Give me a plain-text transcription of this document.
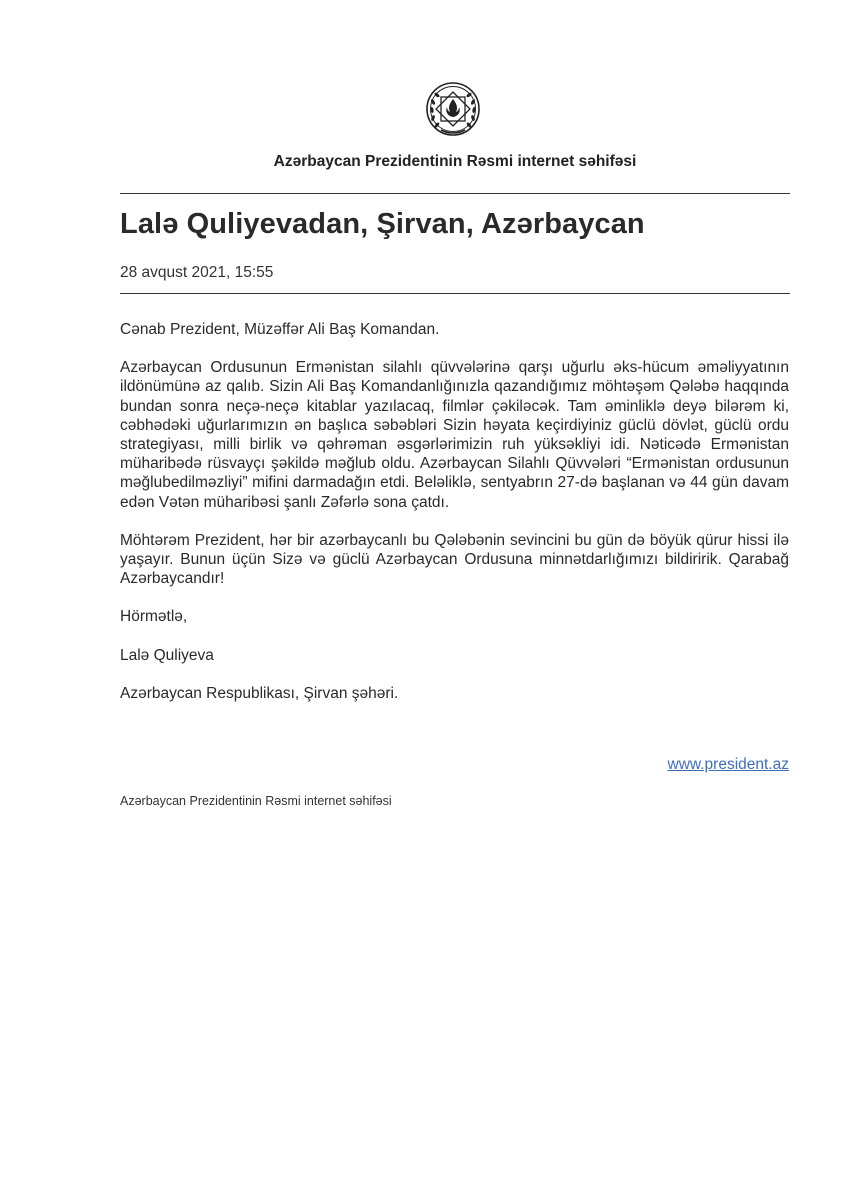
Azərbaycan Prezidentinin Rəsmi internet səhifəsi
Lalə Quliyevadan, Şirvan, Azərbaycan
28 avqust 2021, 15:55

Cənab Prezident, Müzəffər Ali Baş Komandan.

Azərbaycan Ordusunun Ermənistan silahlı qüvvələrinə qarşı uğurlu əks-hücum əməliyyatının ildönümünə az qalıb. Sizin Ali Baş Komandanlığınızla qazandığımız möhtəşəm Qələbə haqqında bundan sonra neçə-neçə kitablar yazılacaq, filmlər çəkiləcək. Tam əminliklə deyə bilərəm ki, cəbhədəki uğurlarımızın ən başlıca səbəbləri Sizin həyata keçirdiyiniz güclü dövlət, güclü ordu strategiyası, milli birlik və qəhrəman əsgərlərimizin ruh yüksəkliyi idi. Nəticədə Ermənistan müharibədə rüsvayçı şəkildə məğlub oldu. Azərbaycan Silahlı Qüvvələri “Ermənistan ordusunun məğlubedilməzliyi” mifini darmadağın etdi. Beləliklə, sentyabrın 27-də başlanan və 44 gün davam edən Vətən müharibəsi şanlı Zəfərlə sona çatdı.

Möhtərəm Prezident, hər bir azərbaycanlı bu Qələbənin sevincini bu gün də böyük qürur hissi ilə yaşayır. Bunun üçün Sizə və güclü Azərbaycan Ordusuna minnətdarlığımızı bildiririk. Qarabağ Azərbaycandır!

Hörmətlə,

Lalə Quliyeva

Azərbaycan Respublikası, Şirvan şəhəri.

www.president.az
Azərbaycan Prezidentinin Rəsmi internet səhifəsi
